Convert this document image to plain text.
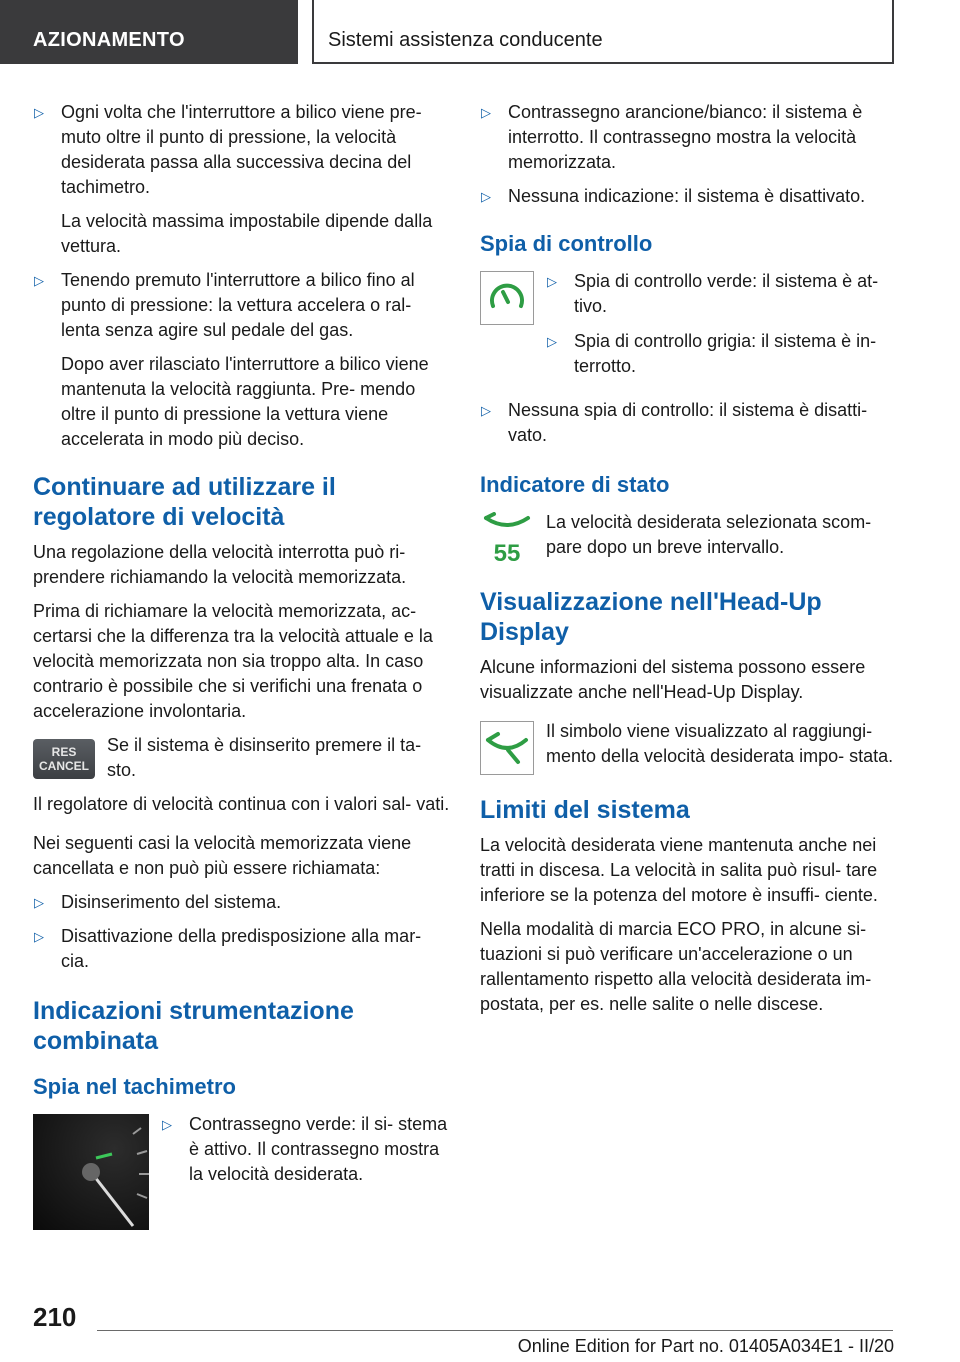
AZIONAMENTO	Sistemi assistenza conducente
▷ Ogni volta che l'interruttore a bilico viene pre- muto oltre il punto di pressione, la velocità desiderata passa alla successiva decina del tachimetro.
La velocità massima impostabile dipende dalla vettura.
▷ Tenendo premuto l'interruttore a bilico fino al punto di pressione: la vettura accelera o ral- lenta senza agire sul pedale del gas.
Dopo aver rilasciato l'interruttore a bilico viene mantenuta la velocità raggiunta. Pre- mendo oltre il punto di pressione la vettura viene accelerata in modo più deciso.
Continuare ad utilizzare il regolatore di velocità

Una regolazione della velocità interrotta può ri- prendere richiamando la velocità memorizzata.

Prima di richiamare la velocità memorizzata, ac- certarsi che la differenza tra la velocità attuale e la velocità memorizzata non sia troppo alta. In caso contrario è possibile che si verifichi una frenata o accelerazione involontaria.

RES
CANCEL
Se il sistema è disinserito premere il ta- sto.

Il regolatore di velocità continua con i valori sal- vati.

Nei seguenti casi la velocità memorizzata viene cancellata e non può più essere richiamata:

▷ Disinserimento del sistema.
▷ Disattivazione della predisposizione alla mar- cia.
Indicazioni strumentazione combinata
Spia nel tachimetro
▷ Contrassegno verde: il si- stema è attivo. Il contrassegno mostra la velocità desiderata.
▷ Contrassegno arancione/bianco: il sistema è interrotto. Il contrassegno mostra la velocità memorizzata.
▷ Nessuna indicazione: il sistema è disattivato.
Spia di controllo
▷ Spia di controllo verde: il sistema è at- tivo.
▷ Spia di controllo grigia: il sistema è in- terrotto.
▷ Nessuna spia di controllo: il sistema è disatti- vato.
Indicatore di stato
55
La velocità desiderata selezionata scom- pare dopo un breve intervallo.
Visualizzazione nell'Head-Up Display

Alcune informazioni del sistema possono essere visualizzate anche nell'Head-Up Display.

Il simbolo viene visualizzato al raggiungi- mento della velocità desiderata impo- stata.
Limiti del sistema

La velocità desiderata viene mantenuta anche nei tratti in discesa. La velocità in salita può risul- tare inferiore se la potenza del motore è insuffi- ciente.

Nella modalità di marcia ECO PRO, in alcune si- tuazioni si può verificare un'accelerazione o un rallentamento rispetto alla velocità desiderata im- postata, per es. nelle salite o nelle discese.

210
Online Edition for Part no. 01405A034E1 - II/20
